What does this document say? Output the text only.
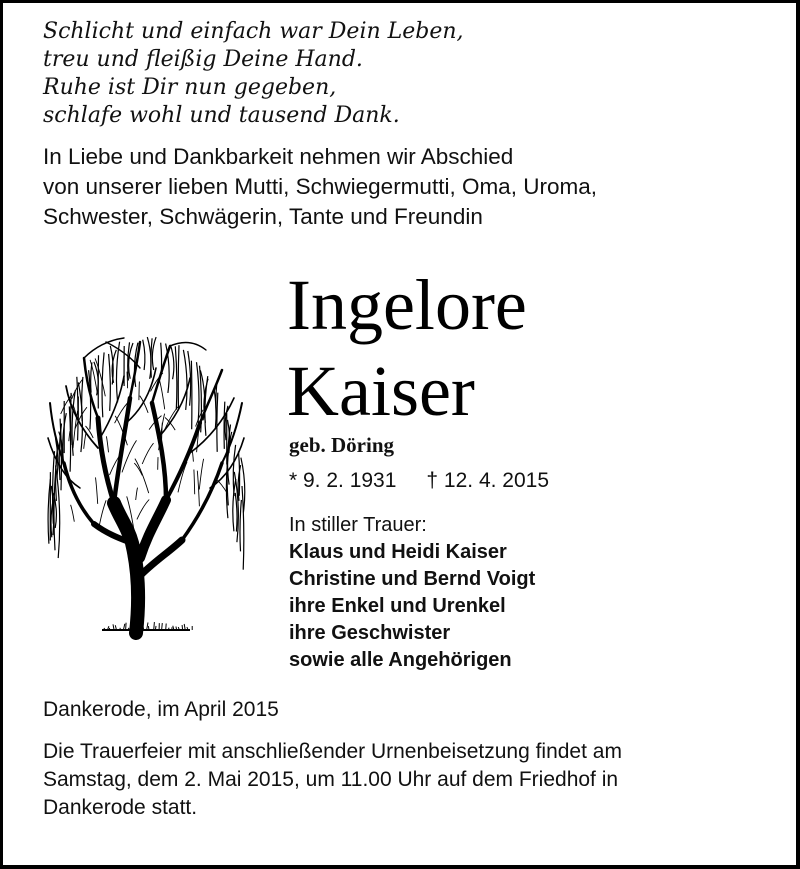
Schlicht und einfach war Dein Leben,
treu und fleißig Deine Hand.
Ruhe ist Dir nun gegeben,
schlafe wohl und tausend Dank.
In Liebe und Dankbarkeit nehmen wir Abschied
von unserer lieben Mutti, Schwiegermutti, Oma, Uroma,
Schwester, Schwägerin, Tante und Freundin
Ingelore
Kaiser
geb. Döring
* 9. 2. 1931 † 12. 4. 2015
In stiller Trauer:
Klaus und Heidi Kaiser
Christine und Bernd Voigt
ihre Enkel und Urenkel
ihre Geschwister
sowie alle Angehörigen
Dankerode, im April 2015
Die Trauerfeier mit anschließender Urnenbeisetzung findet am
Samstag, dem 2. Mai 2015, um 11.00 Uhr auf dem Friedhof in
Dankerode statt.
